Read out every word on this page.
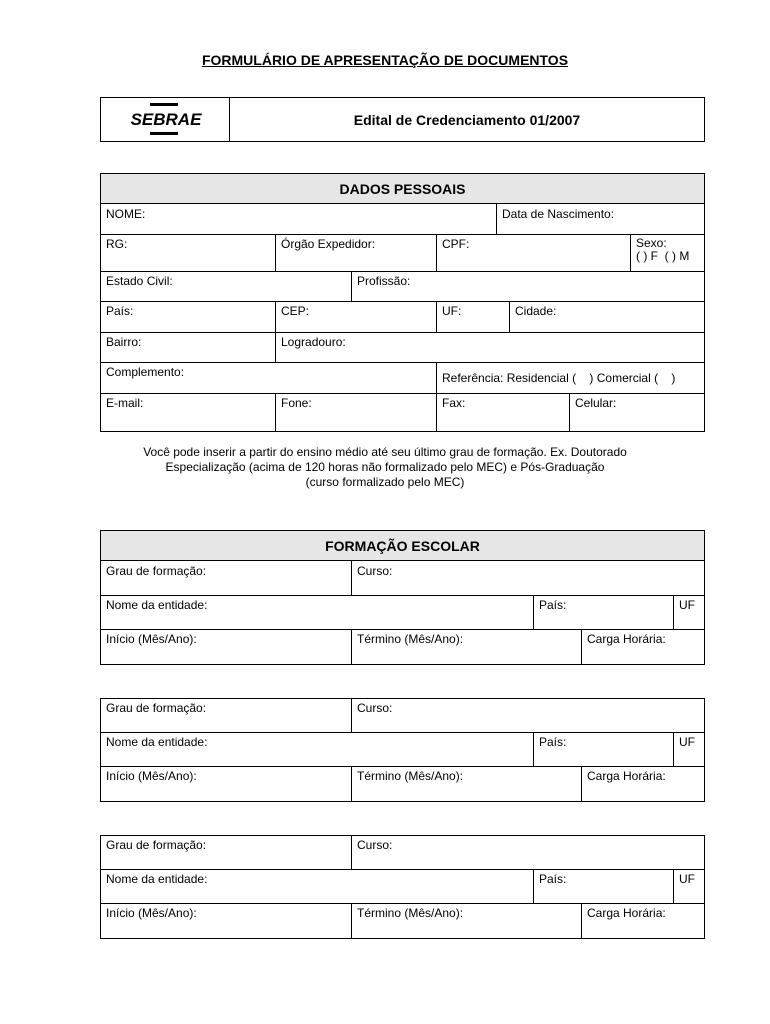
FORMULÁRIO DE APRESENTAÇÃO DE DOCUMENTOS
SEBRAE	Edital de Credenciamento 01/2007
DADOS PESSOAIS
NOME:	Data de Nascimento:
RG:	Órgão Expedidor:	CPF:	Sexo:
( ) F  ( ) M
Estado Civil:	Profissão:
País:	CEP:	UF:	Cidade:
Bairro:	Logradouro:
Complemento:	Referência: Residencial (    ) Comercial (    )
E-mail:	Fone:	Fax:	Celular:
Você pode inserir a partir do ensino médio até seu último grau de formação. Ex. Doutorado
Especialização (acima de 120 horas não formalizado pelo MEC) e Pós-Graduação
(curso formalizado pelo MEC)
FORMAÇÃO ESCOLAR
Grau de formação:	Curso:
Nome da entidade:	País:	UF
Início (Mês/Ano):	Término (Mês/Ano):	Carga Horária:
Grau de formação:	Curso:
Nome da entidade:	País:	UF
Início (Mês/Ano):	Término (Mês/Ano):	Carga Horária:
Grau de formação:	Curso:
Nome da entidade:	País:	UF
Início (Mês/Ano):	Término (Mês/Ano):	Carga Horária:
